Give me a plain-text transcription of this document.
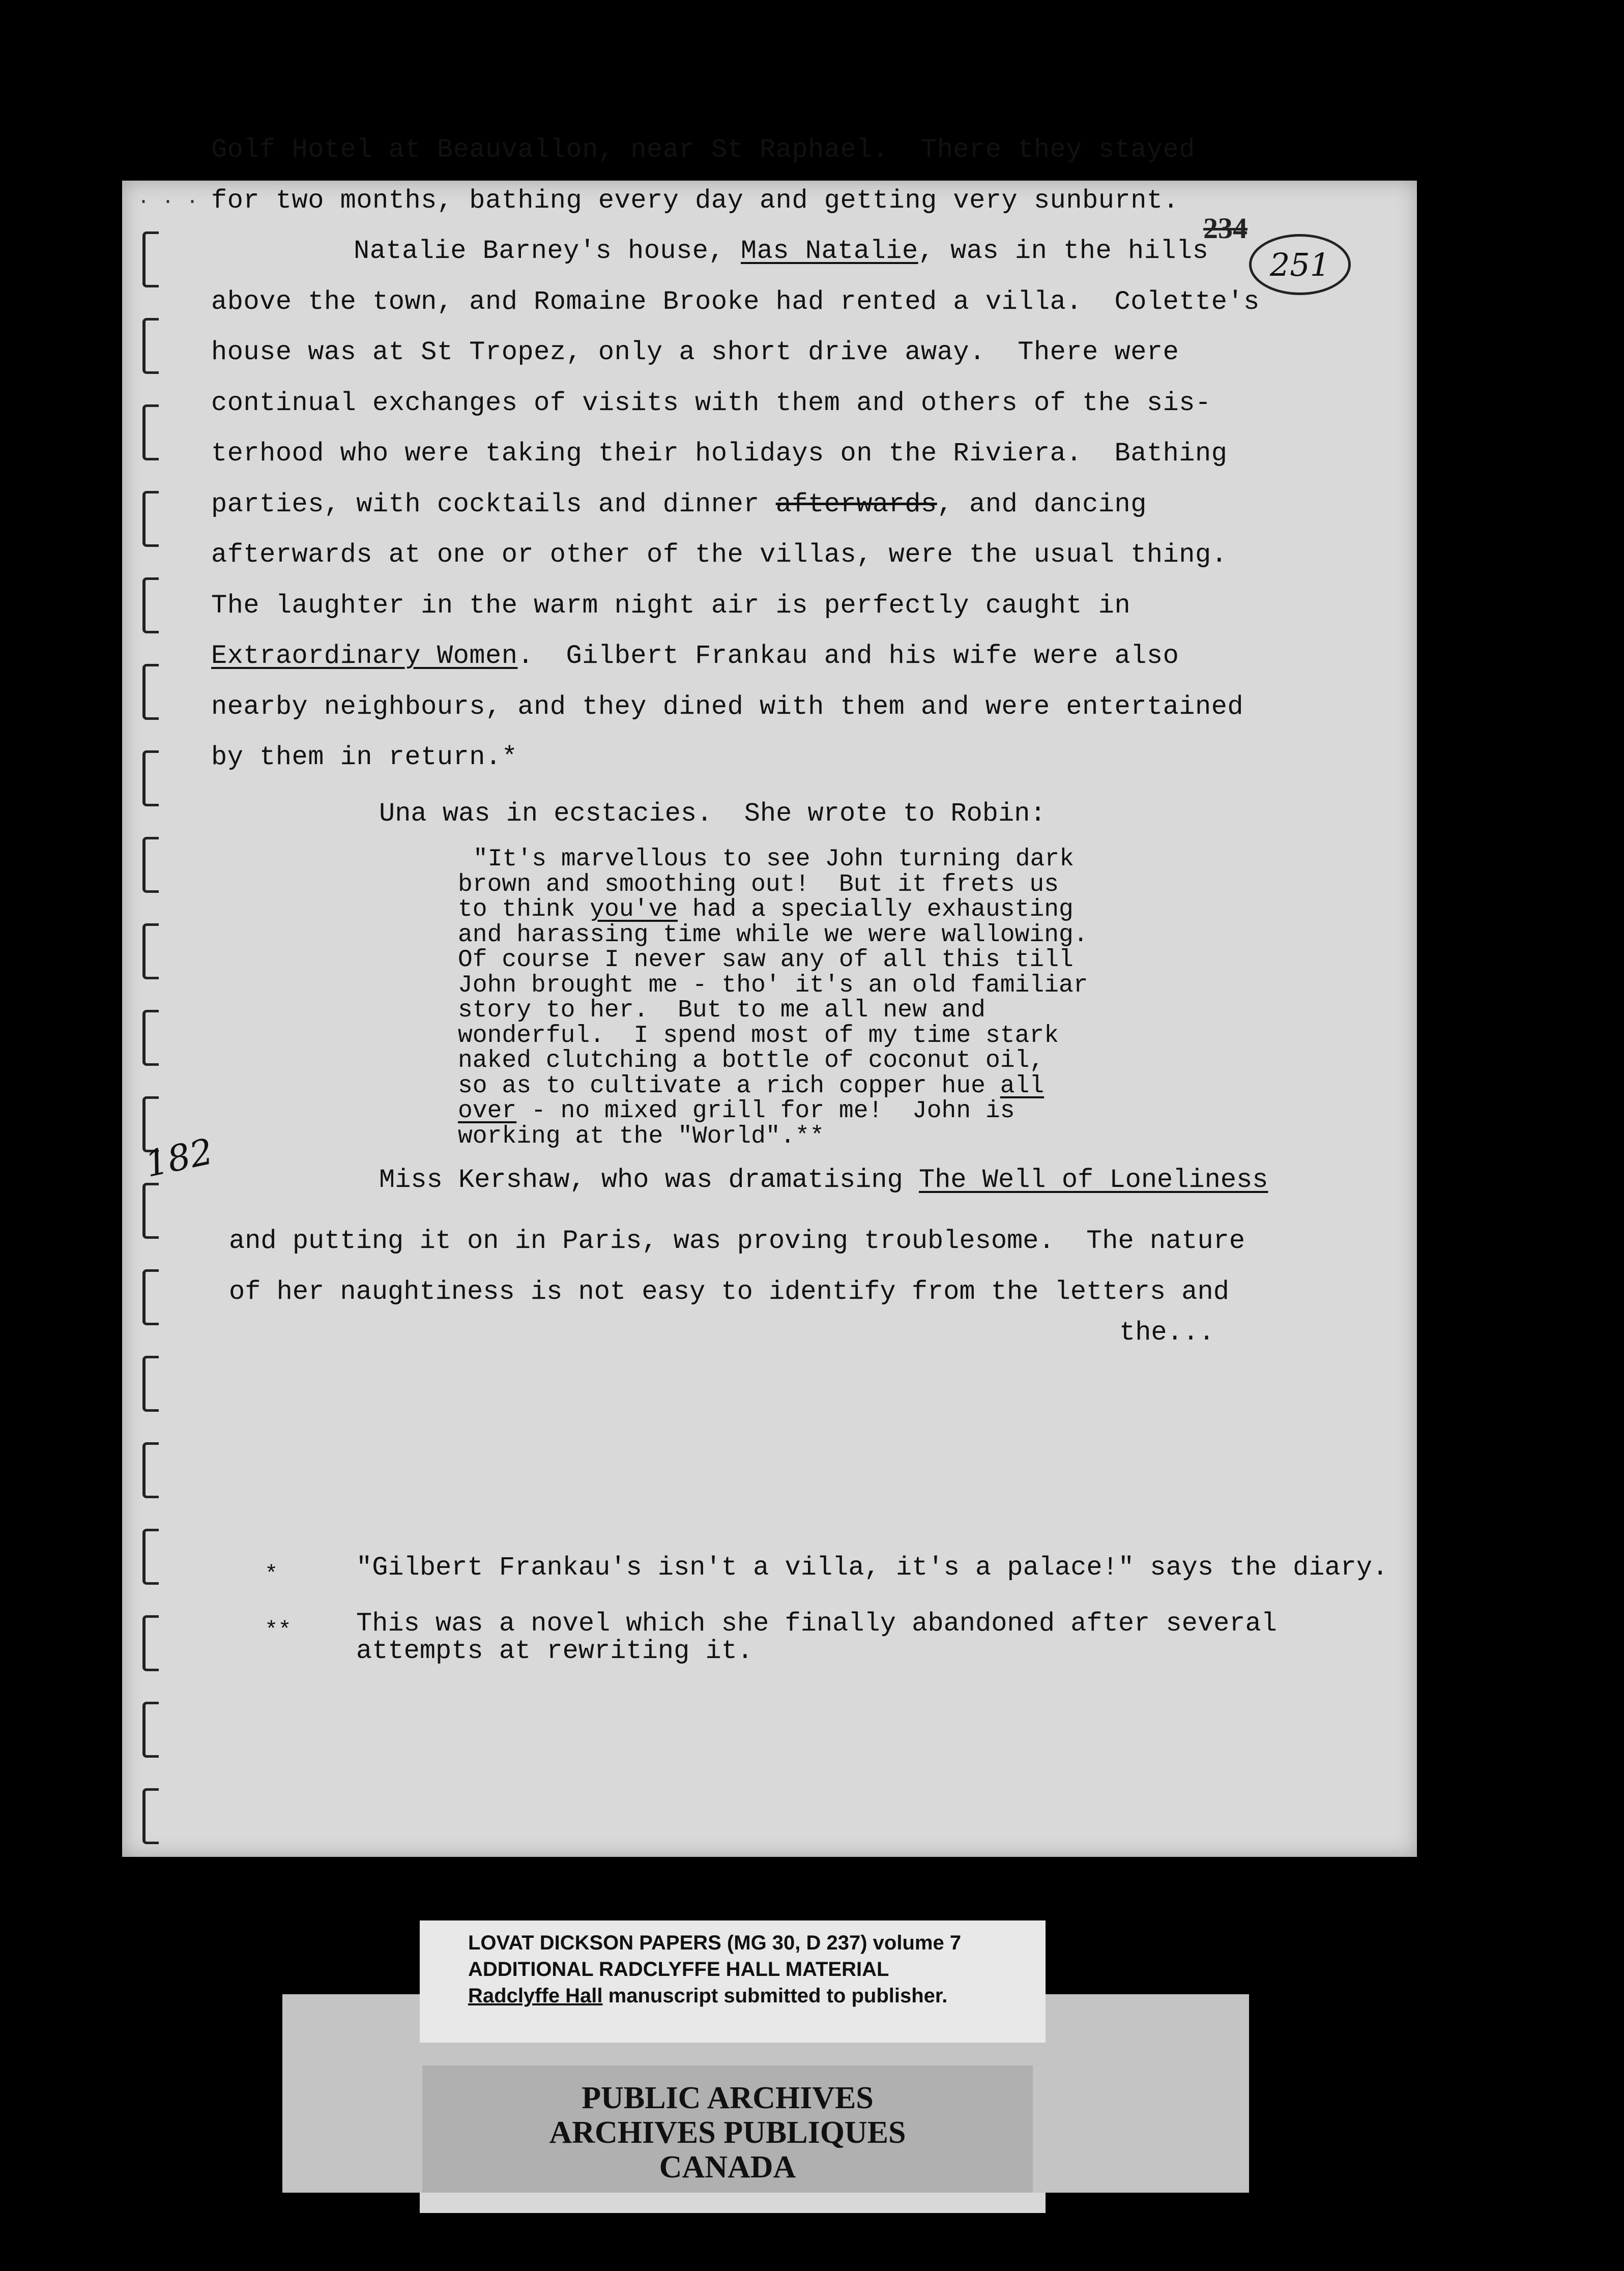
· · ·
234
251
Golf Hotel at Beauvallon, near St Raphael.  There they stayed
for two months, bathing every day and getting very sunburnt.
Natalie Barney's house, Mas Natalie, was in the hills
above the town, and Romaine Brooke had rented a villa.  Colette's
house was at St Tropez, only a short drive away.  There were
continual exchanges of visits with them and others of the sis-
terhood who were taking their holidays on the Riviera.  Bathing
parties, with cocktails and dinner afterwards, and dancing
afterwards at one or other of the villas, were the usual thing.
The laughter in the warm night air is perfectly caught in
Extraordinary Women.  Gilbert Frankau and his wife were also
nearby neighbours, and they dined with them and were entertained
by them in return.*
Una was in ecstacies.  She wrote to Robin:
"It's marvellous to see John turning dark
brown and smoothing out!  But it frets us
to think you've had a specially exhausting
and harassing time while we were wallowing.
Of course I never saw any of all this till
John brought me - tho' it's an old familiar
story to her.  But to me all new and
wonderful.  I spend most of my time stark
naked clutching a bottle of coconut oil,
so as to cultivate a rich copper hue all
over - no mixed grill for me!  John is
working at the "World".**
182	Miss Kershaw, who was dramatising The Well of Loneliness
and putting it on in Paris, was proving troublesome.  The nature
of her naughtiness is not easy to identify from the letters and
the...
*	"Gilbert Frankau's isn't a villa, it's a palace!" says the diary.
** This was a novel which she finally abandoned after several
attempts at rewriting it.
LOVAT DICKSON PAPERS (MG 30, D 237) volume 7
ADDITIONAL RADCLYFFE HALL MATERIAL
Radclyffe Hall manuscript submitted to publisher.
PUBLIC ARCHIVES
ARCHIVES PUBLIQUES
CANADA
